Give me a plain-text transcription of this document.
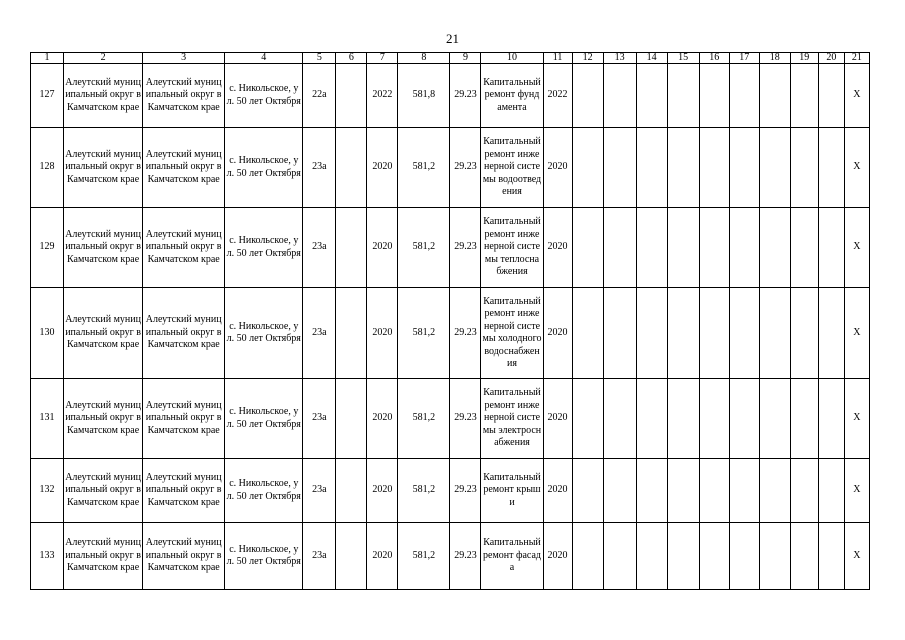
21
1	2	3	4	5	6	7	8	9	10	11	12	13	14	15	16	17	18	19	20	21
127	Алеутский муниципальный округ в Камчатском крае	Алеутский муниципальный округ в Камчатском крае	с. Никольское, ул. 50 лет Октября	22а		2022	581,8	29.23	Капитальный ремонт фундамента	2022										X
128	Алеутский муниципальный округ в Камчатском крае	Алеутский муниципальный округ в Камчатском крае	с. Никольское, ул. 50 лет Октября	23а		2020	581,2	29.23	Капитальный ремонт инженерной системы водоотведения	2020										X
129	Алеутский муниципальный округ в Камчатском крае	Алеутский муниципальный округ в Камчатском крае	с. Никольское, ул. 50 лет Октября	23а		2020	581,2	29.23	Капитальный ремонт инженерной системы теплоснабжения	2020										X
130	Алеутский муниципальный округ в Камчатском крае	Алеутский муниципальный округ в Камчатском крае	с. Никольское, ул. 50 лет Октября	23а		2020	581,2	29.23	Капитальный ремонт инженерной системы холодного водоснабжения	2020										X
131	Алеутский муниципальный округ в Камчатском крае	Алеутский муниципальный округ в Камчатском крае	с. Никольское, ул. 50 лет Октября	23а		2020	581,2	29.23	Капитальный ремонт инженерной системы электроснабжения	2020										X
132	Алеутский муниципальный округ в Камчатском крае	Алеутский муниципальный округ в Камчатском крае	с. Никольское, ул. 50 лет Октября	23а		2020	581,2	29.23	Капитальный ремонт крыши	2020										X
133	Алеутский муниципальный округ в Камчатском крае	Алеутский муниципальный округ в Камчатском крае	с. Никольское, ул. 50 лет Октября	23а		2020	581,2	29.23	Капитальный ремонт фасада	2020										X
